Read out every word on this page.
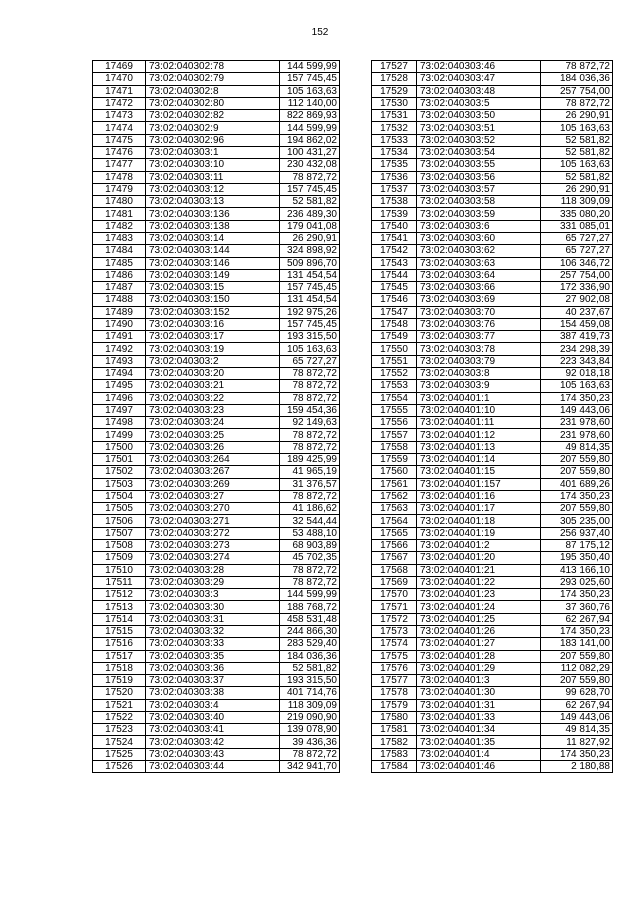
152
17469	73:02:040302:78	144 599,99
17470	73:02:040302:79	157 745,45
17471	73:02:040302:8	105 163,63
17472	73:02:040302:80	112 140,00
17473	73:02:040302:82	822 869,93
17474	73:02:040302:9	144 599,99
17475	73:02:040302:96	194 862,02
17476	73:02:040303:1	100 431,27
17477	73:02:040303:10	230 432,08
17478	73:02:040303:11	78 872,72
17479	73:02:040303:12	157 745,45
17480	73:02:040303:13	52 581,82
17481	73:02:040303:136	236 489,30
17482	73:02:040303:138	179 041,08
17483	73:02:040303:14	26 290,91
17484	73:02:040303:144	324 898,92
17485	73:02:040303:146	509 896,70
17486	73:02:040303:149	131 454,54
17487	73:02:040303:15	157 745,45
17488	73:02:040303:150	131 454,54
17489	73:02:040303:152	192 975,26
17490	73:02:040303:16	157 745,45
17491	73:02:040303:17	193 315,50
17492	73:02:040303:19	105 163,63
17493	73:02:040303:2	65 727,27
17494	73:02:040303:20	78 872,72
17495	73:02:040303:21	78 872,72
17496	73:02:040303:22	78 872,72
17497	73:02:040303:23	159 454,36
17498	73:02:040303:24	92 149,63
17499	73:02:040303:25	78 872,72
17500	73:02:040303:26	78 872,72
17501	73:02:040303:264	189 425,99
17502	73:02:040303:267	41 965,19
17503	73:02:040303:269	31 376,57
17504	73:02:040303:27	78 872,72
17505	73:02:040303:270	41 186,62
17506	73:02:040303:271	32 544,44
17507	73:02:040303:272	53 488,10
17508	73:02:040303:273	68 903,89
17509	73:02:040303:274	45 702,35
17510	73:02:040303:28	78 872,72
17511	73:02:040303:29	78 872,72
17512	73:02:040303:3	144 599,99
17513	73:02:040303:30	188 768,72
17514	73:02:040303:31	458 531,48
17515	73:02:040303:32	244 866,30
17516	73:02:040303:33	283 529,40
17517	73:02:040303:35	184 036,36
17518	73:02:040303:36	52 581,82
17519	73:02:040303:37	193 315,50
17520	73:02:040303:38	401 714,76
17521	73:02:040303:4	118 309,09
17522	73:02:040303:40	219 090,90
17523	73:02:040303:41	139 078,90
17524	73:02:040303:42	39 436,36
17525	73:02:040303:43	78 872,72
17526	73:02:040303:44	342 941,70
17527	73:02:040303:46	78 872,72
17528	73:02:040303:47	184 036,36
17529	73:02:040303:48	257 754,00
17530	73:02:040303:5	78 872,72
17531	73:02:040303:50	26 290,91
17532	73:02:040303:51	105 163,63
17533	73:02:040303:52	52 581,82
17534	73:02:040303:54	52 581,82
17535	73:02:040303:55	105 163,63
17536	73:02:040303:56	52 581,82
17537	73:02:040303:57	26 290,91
17538	73:02:040303:58	118 309,09
17539	73:02:040303:59	335 080,20
17540	73:02:040303:6	331 085,01
17541	73:02:040303:60	65 727,27
17542	73:02:040303:62	65 727,27
17543	73:02:040303:63	106 346,72
17544	73:02:040303:64	257 754,00
17545	73:02:040303:66	172 336,90
17546	73:02:040303:69	27 902,08
17547	73:02:040303:70	40 237,67
17548	73:02:040303:76	154 459,08
17549	73:02:040303:77	387 419,73
17550	73:02:040303:78	234 298,39
17551	73:02:040303:79	223 343,84
17552	73:02:040303:8	92 018,18
17553	73:02:040303:9	105 163,63
17554	73:02:040401:1	174 350,23
17555	73:02:040401:10	149 443,06
17556	73:02:040401:11	231 978,60
17557	73:02:040401:12	231 978,60
17558	73:02:040401:13	49 814,35
17559	73:02:040401:14	207 559,80
17560	73:02:040401:15	207 559,80
17561	73:02:040401:157	401 689,26
17562	73:02:040401:16	174 350,23
17563	73:02:040401:17	207 559,80
17564	73:02:040401:18	305 235,00
17565	73:02:040401:19	256 937,40
17566	73:02:040401:2	87 175,12
17567	73:02:040401:20	195 350,40
17568	73:02:040401:21	413 166,10
17569	73:02:040401:22	293 025,60
17570	73:02:040401:23	174 350,23
17571	73:02:040401:24	37 360,76
17572	73:02:040401:25	62 267,94
17573	73:02:040401:26	174 350,23
17574	73:02:040401:27	183 141,00
17575	73:02:040401:28	207 559,80
17576	73:02:040401:29	112 082,29
17577	73:02:040401:3	207 559,80
17578	73:02:040401:30	99 628,70
17579	73:02:040401:31	62 267,94
17580	73:02:040401:33	149 443,06
17581	73:02:040401:34	49 814,35
17582	73:02:040401:35	11 827,92
17583	73:02:040401:4	174 350,23
17584	73:02:040401:46	2 180,88
